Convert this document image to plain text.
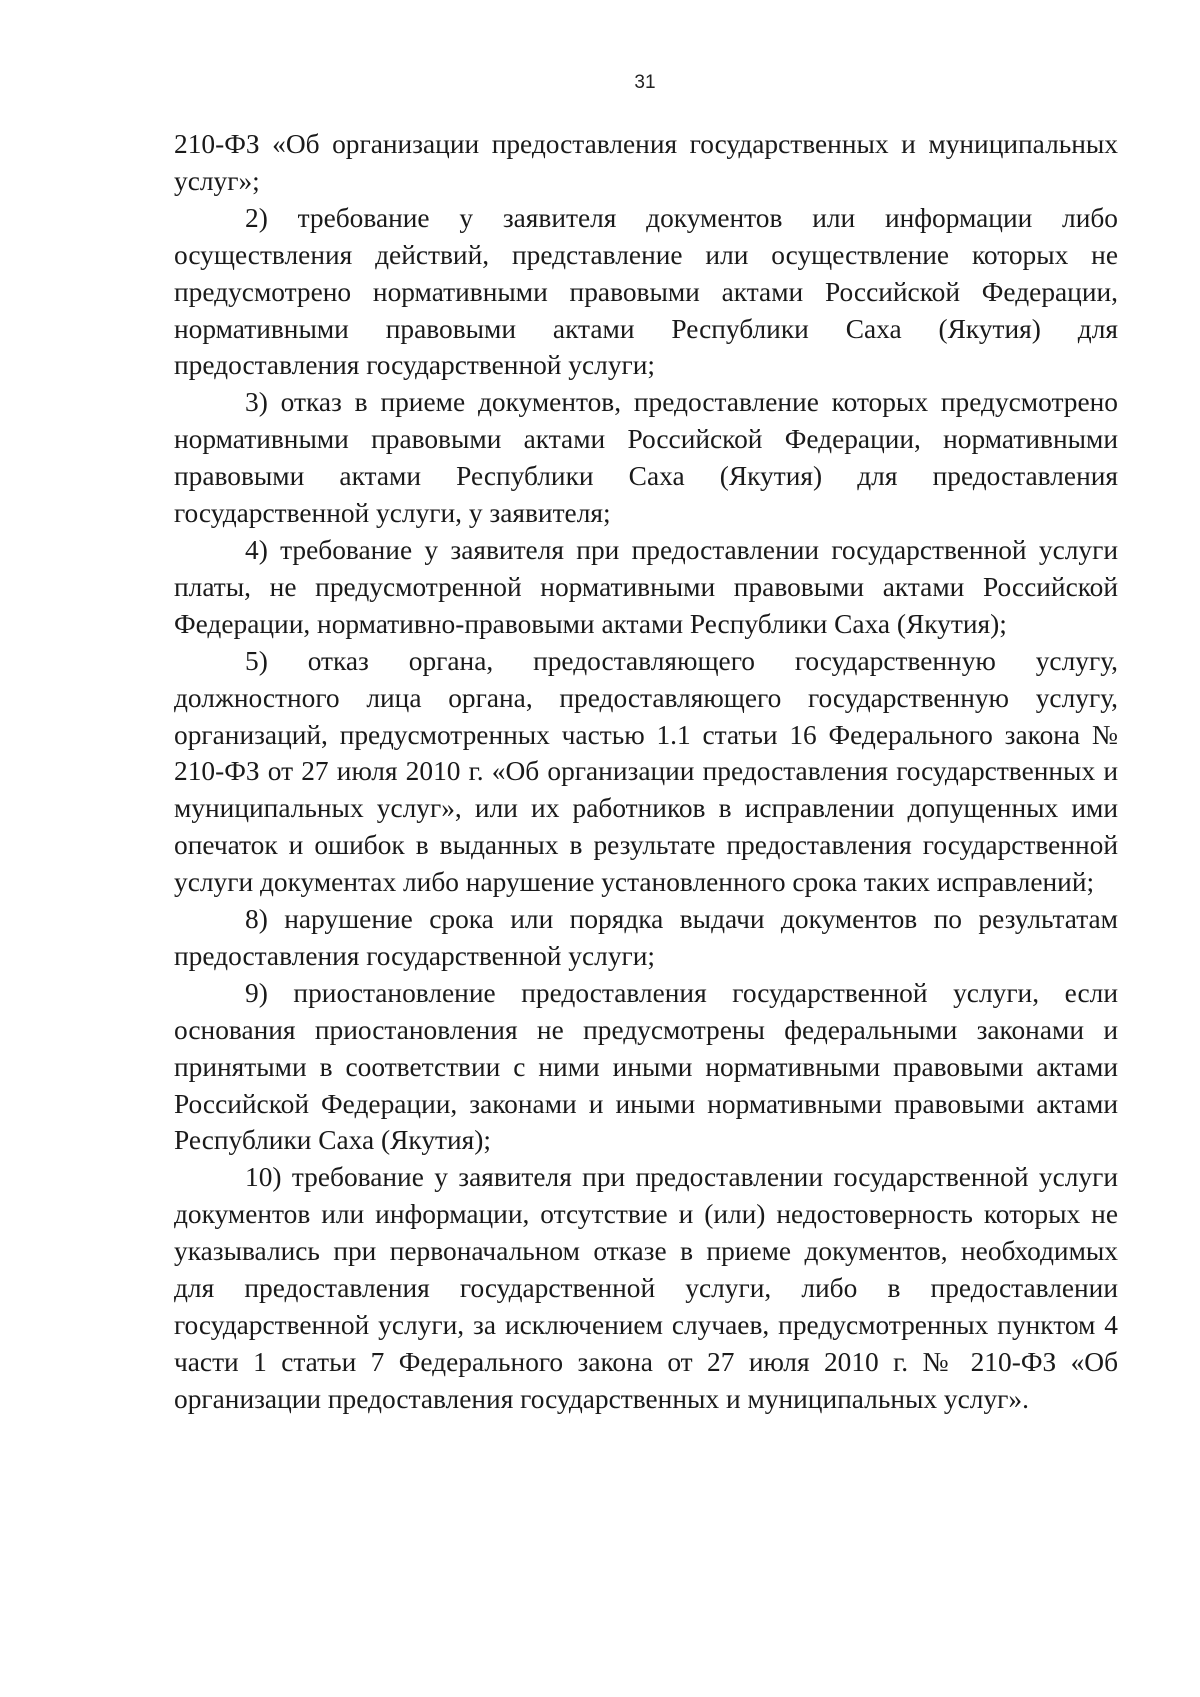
31

210-ФЗ «Об организации предоставления государственных и муниципальных услуг»;

2) требование у заявителя документов или информации либо осуществления действий, представление или осуществление которых не предусмотрено нормативными правовыми актами Российской Федерации, нормативными правовыми актами Республики Саха (Якутия) для предоставления государственной услуги;

3) отказ в приеме документов, предоставление которых предусмотрено нормативными правовыми актами Российской Федерации, нормативными правовыми актами Республики Саха (Якутия) для предоставления государственной услуги, у заявителя;

4) требование у заявителя при предоставлении государственной услуги платы, не предусмотренной нормативными правовыми актами Российской Федерации, нормативно-правовыми актами Республики Саха (Якутия);

5) отказ органа, предоставляющего государственную услугу, должностного лица органа, предоставляющего государственную услугу, организаций, предусмотренных частью 1.1 статьи 16 Федерального закона № 210-ФЗ от 27 июля 2010 г. «Об организации предоставления государственных и муниципальных услуг», или их работников в исправлении допущенных ими опечаток и ошибок в выданных в результате предоставления государственной услуги документах либо нарушение установленного срока таких исправлений;

8) нарушение срока или порядка выдачи документов по результатам предоставления государственной услуги;

9) приостановление предоставления государственной услуги, если основания приостановления не предусмотрены федеральными законами и принятыми в соответствии с ними иными нормативными правовыми актами Российской Федерации, законами и иными нормативными правовыми актами Республики Саха (Якутия);

10) требование у заявителя при предоставлении государственной услуги документов или информации, отсутствие и (или) недостоверность которых не указывались при первоначальном отказе в приеме документов, необходимых для предоставления государственной услуги, либо в предоставлении государственной услуги, за исключением случаев, предусмотренных пунктом 4 части 1 статьи 7 Федерального закона от 27 июля 2010 г. № 210-ФЗ «Об организации предоставления государственных и муниципальных услуг».
